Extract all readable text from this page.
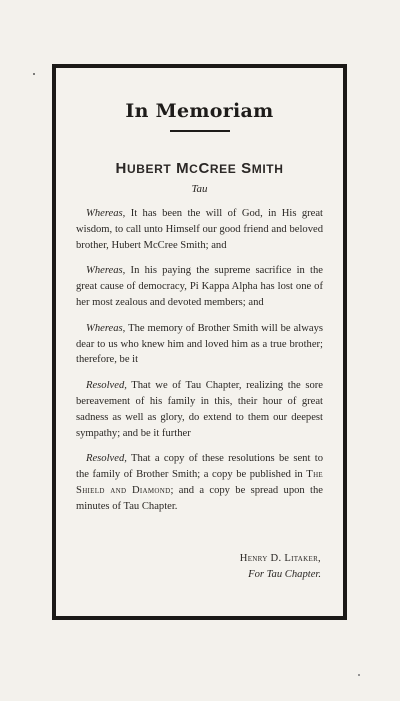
In Memoriam
HUBERT MCCREE SMITH
Tau

Whereas, It has been the will of God, in His great wisdom, to call unto Himself our good friend and beloved brother, Hubert McCree Smith; and

Whereas, In his paying the supreme sacrifice in the great cause of democracy, Pi Kappa Alpha has lost one of her most zealous and devoted members; and

Whereas, The memory of Brother Smith will be always dear to us who knew him and loved him as a true brother; therefore, be it

Resolved, That we of Tau Chapter, realizing the sore bereavement of his family in this, their hour of great sadness as well as glory, do extend to them our deepest sympathy; and be it further

Resolved, That a copy of these resolutions be sent to the family of Brother Smith; a copy be published in The Shield and Diamond; and a copy be spread upon the minutes of Tau Chapter.

Henry D. Litaker,
For Tau Chapter.
